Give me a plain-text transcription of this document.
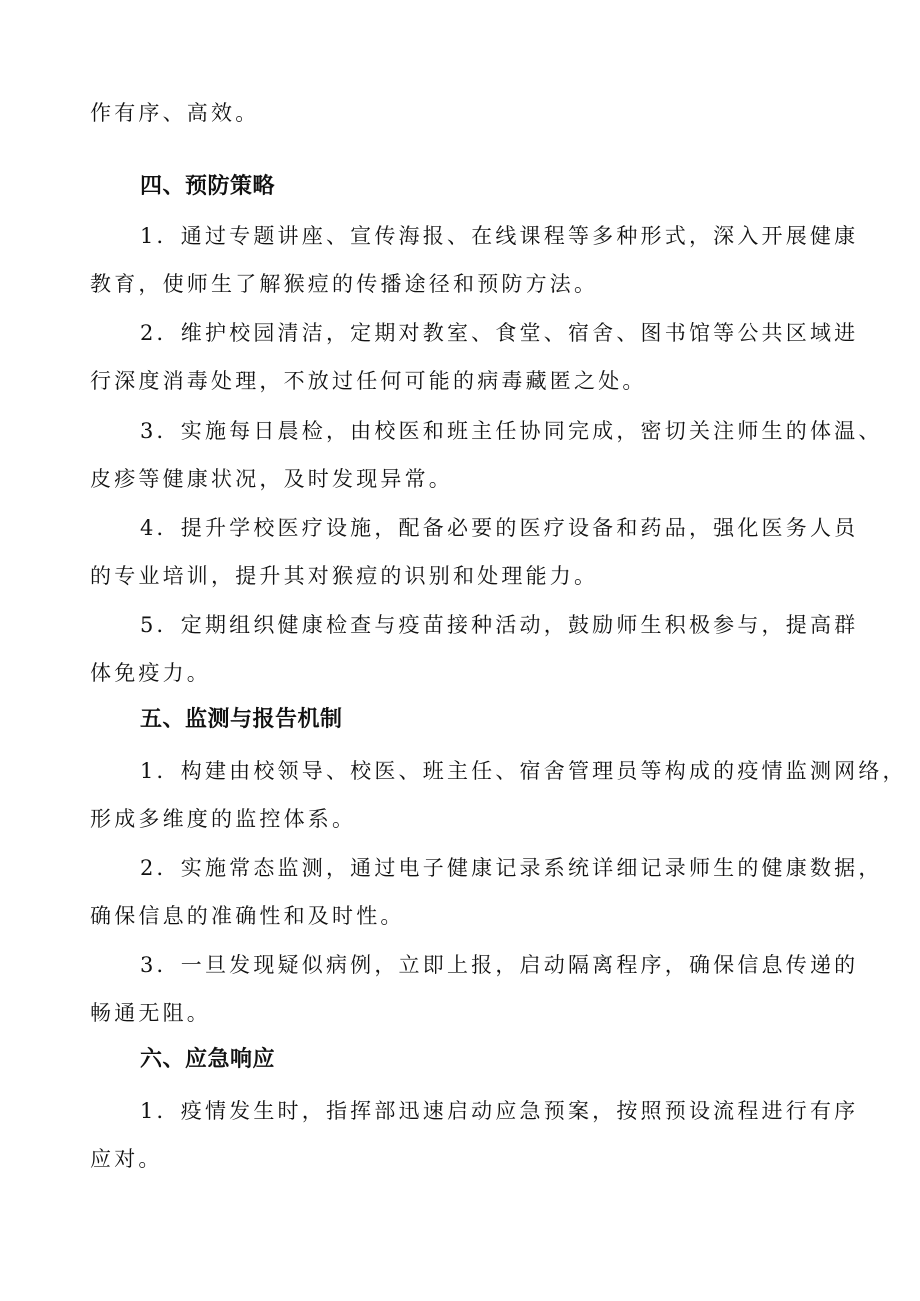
作有序、高效。

四、预防策略

1．通过专题讲座、宣传海报、在线课程等多种形式，深入开展健康

教育，使师生了解猴痘的传播途径和预防方法。

2．维护校园清洁，定期对教室、食堂、宿舍、图书馆等公共区域进

行深度消毒处理，不放过任何可能的病毒藏匿之处。

3．实施每日晨检，由校医和班主任协同完成，密切关注师生的体温、

皮疹等健康状况，及时发现异常。

4．提升学校医疗设施，配备必要的医疗设备和药品，强化医务人员

的专业培训，提升其对猴痘的识别和处理能力。

5．定期组织健康检查与疫苗接种活动，鼓励师生积极参与，提高群

体免疫力。

五、监测与报告机制

1．构建由校领导、校医、班主任、宿舍管理员等构成的疫情监测网络，

形成多维度的监控体系。

2．实施常态监测，通过电子健康记录系统详细记录师生的健康数据，

确保信息的准确性和及时性。

3．一旦发现疑似病例，立即上报，启动隔离程序，确保信息传递的

畅通无阻。

六、应急响应

1．疫情发生时，指挥部迅速启动应急预案，按照预设流程进行有序

应对。
